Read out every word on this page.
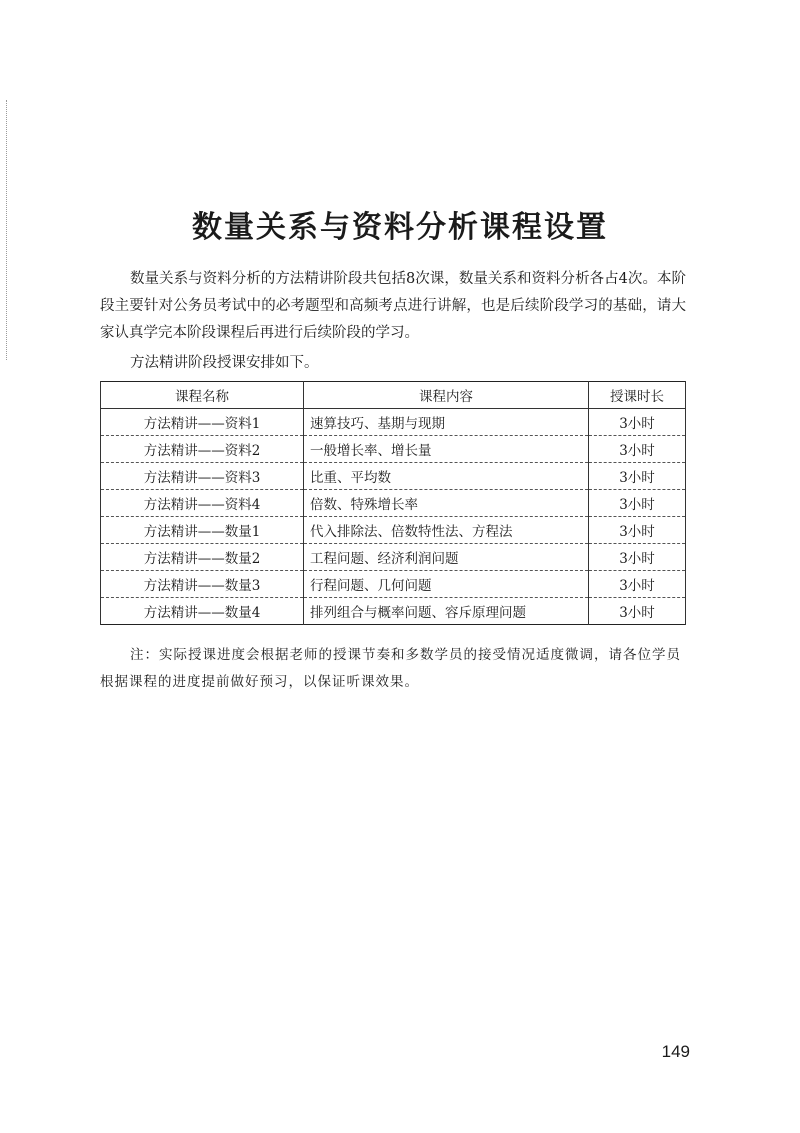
数量关系与资料分析课程设置

数量关系与资料分析的方法精讲阶段共包括8次课，数量关系和资料分析各占4次。本阶段主要针对公务员考试中的必考题型和高频考点进行讲解，也是后续阶段学习的基础，请大家认真学完本阶段课程后再进行后续阶段的学习。

方法精讲阶段授课安排如下。

课程名称	课程内容	授课时长
方法精讲——资料1	速算技巧、基期与现期	3小时
方法精讲——资料2	一般增长率、增长量	3小时
方法精讲——资料3	比重、平均数	3小时
方法精讲——资料4	倍数、特殊增长率	3小时
方法精讲——数量1	代入排除法、倍数特性法、方程法	3小时
方法精讲——数量2	工程问题、经济利润问题	3小时
方法精讲——数量3	行程问题、几何问题	3小时
方法精讲——数量4	排列组合与概率问题、容斥原理问题	3小时

注：实际授课进度会根据老师的授课节奏和多数学员的接受情况适度微调，请各位学员根据课程的进度提前做好预习，以保证听课效果。

149
